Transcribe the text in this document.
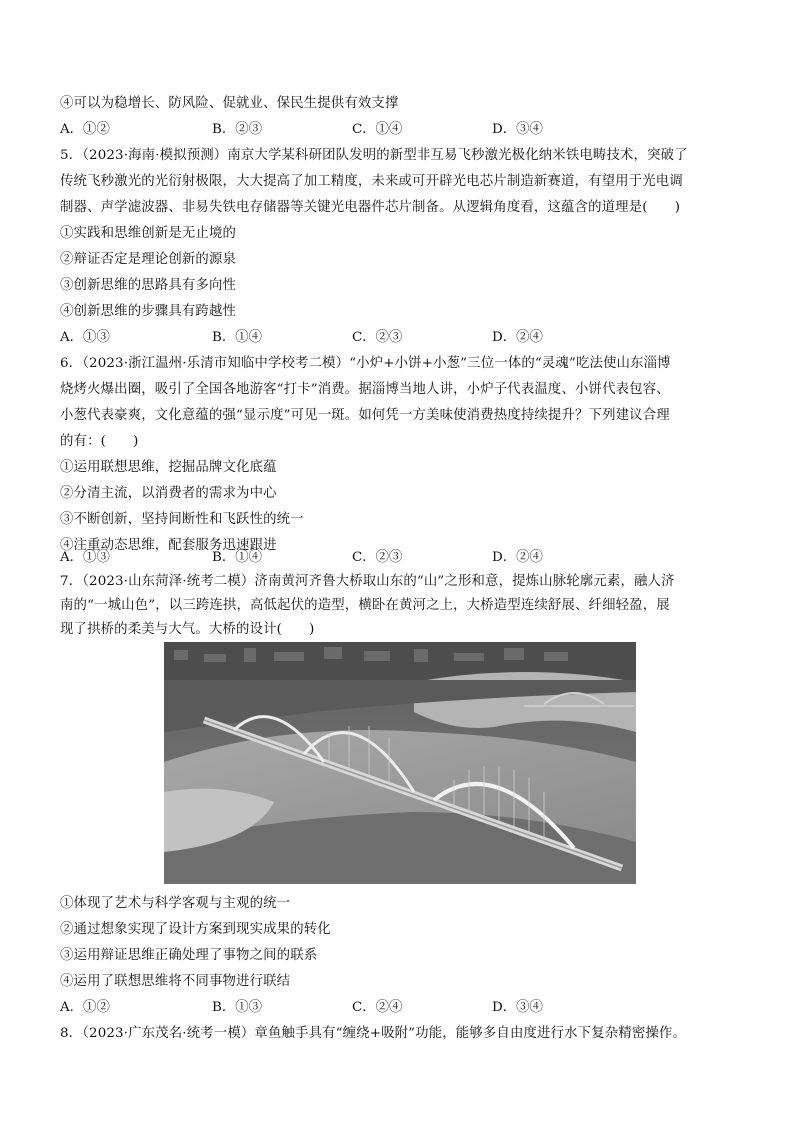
④可以为稳增长、防风险、促就业、保民生提供有效支撑
A．①②	B．②③	C．①④	D．③④
5．（2023·海南·模拟预测）南京大学某科研团队发明的新型非互易飞秒激光极化纳米铁电畴技术，突破了
传统飞秒激光的光衍射极限，大大提高了加工精度，未来或可开辟光电芯片制造新赛道，有望用于光电调
制器、声学滤波器、非易失铁电存储器等关键光电器件芯片制备。从逻辑角度看，这蕴含的道理是(　　)
①实践和思维创新是无止境的
②辩证否定是理论创新的源泉
③创新思维的思路具有多向性
④创新思维的步骤具有跨越性
A．①③	B．①④	C．②③	D．②④
6．（2023·浙江温州·乐清市知临中学校考二模）“小炉+小饼+小葱”三位一体的“灵魂”吃法使山东淄博
烧烤火爆出圈，吸引了全国各地游客“打卡”消费。据淄博当地人讲，小炉子代表温度、小饼代表包容、
小葱代表豪爽，文化意蕴的强“显示度”可见一斑。如何凭一方美味使消费热度持续提升？下列建议合理
的有：(　　)
①运用联想思维，挖掘品牌文化底蕴
②分清主流，以消费者的需求为中心
③不断创新，坚持间断性和飞跃性的统一
④注重动态思维，配套服务迅速跟进
A．①③	B．①④	C．②③	D．②④
7．（2023·山东菏泽·统考二模）济南黄河齐鲁大桥取山东的“山”之形和意，提炼山脉轮廓元素，融人济
南的“一城山色”，以三跨连拱，高低起伏的造型，横卧在黄河之上，大桥造型连续舒展、纤细轻盈，展
①体现了艺术与科学客观与主观的统一
②通过想象实现了设计方案到现实成果的转化
③运用辩证思维正确处理了事物之间的联系
④运用了联想思维将不同事物进行联结
A．①②	B．①③	C．②④	D．③④
8．（2023·广东茂名·统考一模）章鱼触手具有“缠绕+吸附”功能，能够多自由度进行水下复杂精密操作。
现了拱桥的柔美与大气。大桥的设计(　　)
